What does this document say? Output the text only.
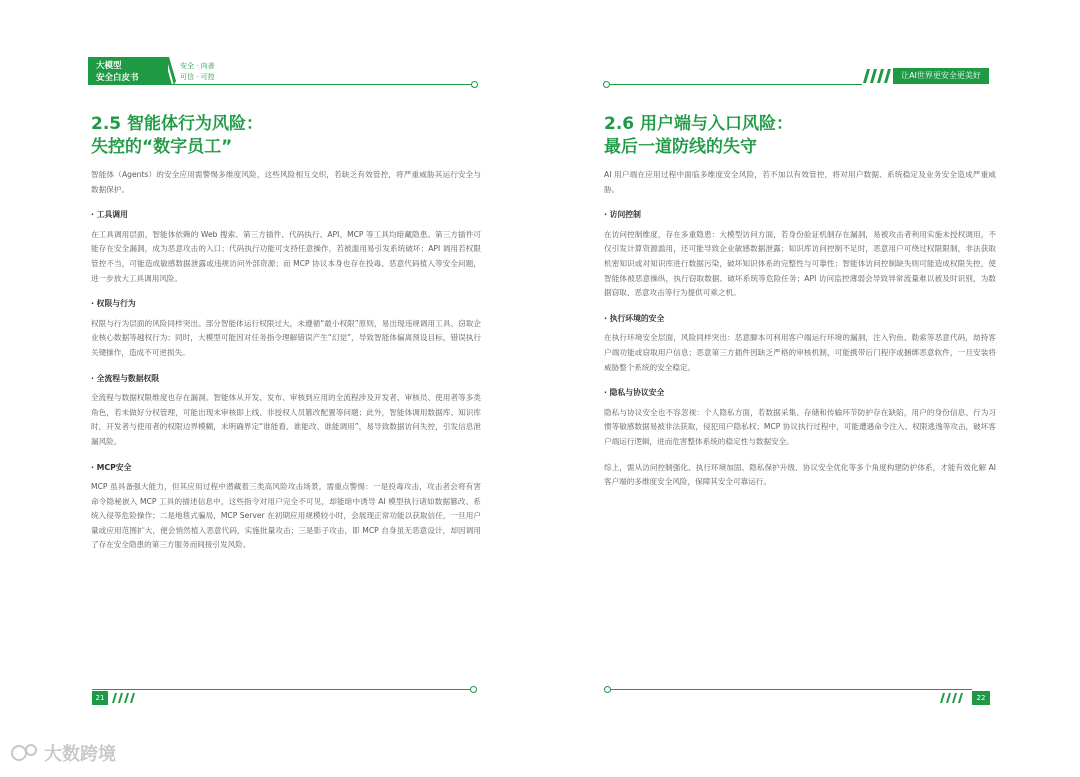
大模型
安全白皮书
安全 · 向善
可信 · 可控
2.5 智能体行为风险：
失控的“数字员工”

智能体（Agents）的安全应用需警惕多维度风险，这些风险相互交织，若缺乏有效管控，将严重威胁其运行安全与数据保护。

· 工具调用

在工具调用层面，智能体依赖的 Web 搜索、第三方插件、代码执行、API、MCP 等工具均暗藏隐患。第三方插件可能存在安全漏洞，成为恶意攻击的入口；代码执行功能可支持任意操作，若被滥用易引发系统破坏；API 调用若权限管控不当，可能造成敏感数据泄露或违规访问外部资源；而 MCP 协议本身也存在投毒、恶意代码植入等安全问题，进一步放大工具调用风险。

· 权限与行为

权限与行为层面的风险同样突出。部分智能体运行权限过大，未遵循“最小权限”原则，易出现违规调用工具、窃取企业核心数据等越权行为；同时，大模型可能因对任务指令理解错误产生“幻觉”，导致智能体偏离预设目标，错误执行关键操作，造成不可逆损失。

· 全流程与数据权限

全流程与数据权限维度也存在漏洞。智能体从开发、发布、审核到应用的全流程涉及开发者、审核员、使用者等多类角色，若未做好分权管理，可能出现未审核即上线、非授权人员篡改配置等问题；此外，智能体调用数据库、知识库时，开发者与使用者的权限边界模糊，未明确界定“谁能看、谁能改、谁能调用”，易导致数据访问失控，引发信息泄漏风险。

· MCP安全

MCP 虽具备强大能力，但其应用过程中潜藏着三类高风险攻击场景，需重点警惕：一是投毒攻击，攻击者会将有害命令隐秘嵌入 MCP 工具的描述信息中，这些指令对用户完全不可见，却能暗中诱导 AI 模型执行诸如数据篡改、系统入侵等危险操作；二是地毯式骗局，MCP Server 在初期应用规模较小时，会展现正常功能以获取信任，一旦用户量或应用范围扩大，便会悄然植入恶意代码，实施批量攻击；三是影子攻击，即 MCP 自身虽无恶意设计，却因调用了存在安全隐患的第三方服务而间接引发风险。

21
让AI世界更安全更美好
2.6 用户端与入口风险：
最后一道防线的失守

AI 用户端在应用过程中面临多维度安全风险，若不加以有效管控，将对用户数据、系统稳定及业务安全造成严重威胁。

· 访问控制

在访问控制维度，存在多重隐患：大模型访问方面，若身份验证机制存在漏洞，易被攻击者利用实施未授权调用，不仅引发计算资源滥用，还可能导致企业敏感数据泄露；知识库访问控制不足时，恶意用户可绕过权限限制，非法获取机密知识或对知识库进行数据污染，破坏知识体系的完整性与可靠性；智能体访问控制缺失则可能造成权限失控，使智能体被恶意操纵，执行窃取数据、破坏系统等危险任务；API 访问监控薄弱会导致异常流量难以被及时识别，为数据窃取、恶意攻击等行为提供可乘之机。

· 执行环境的安全

在执行环境安全层面，风险同样突出：恶意脚本可利用客户端运行环境的漏洞，注入钓鱼、勒索等恶意代码，劫持客户端功能或窃取用户信息；恶意第三方插件因缺乏严格的审核机制，可能携带后门程序或捆绑恶意软件，一旦安装将威胁整个系统的安全稳定。

· 隐私与协议安全

隐私与协议安全也不容忽视：个人隐私方面，若数据采集、存储和传输环节防护存在缺陷，用户的身份信息、行为习惯等敏感数据易被非法获取，侵犯用户隐私权；MCP 协议执行过程中，可能遭遇命令注入、权限逃逸等攻击，破坏客户端运行逻辑，进而危害整体系统的稳定性与数据安全。

综上，需从访问控制强化、执行环境加固、隐私保护升级、协议安全优化等多个角度构建防护体系，才能有效化解 AI 客户端的多维度安全风险，保障其安全可靠运行。

22
大数跨境
